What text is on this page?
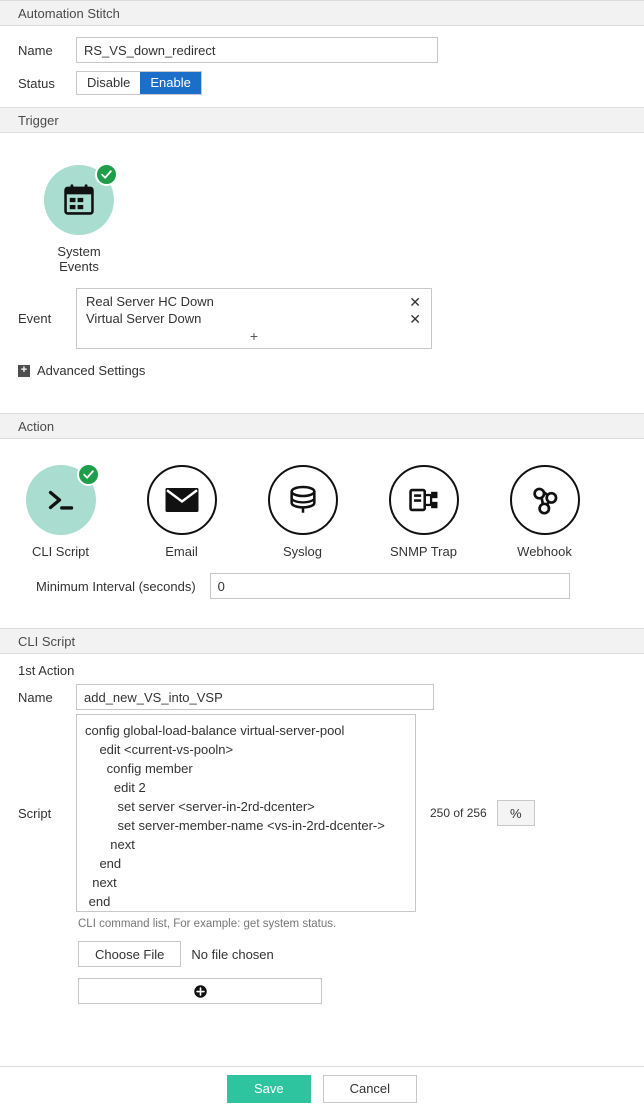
Automation Stitch
Name
RS_VS_down_redirect
Status	Disable	Enable
Trigger
System Events
Event
Real Server HC Down	✕
Virtual Server Down	✕
+
+ Advanced Settings
Action
CLI Script	Email	Syslog	SNMP Trap	Webhook
Minimum Interval (seconds)
0
CLI Script
1st Action
Name
add_new_VS_into_VSP
Script
config global-load-balance virtual-server-pool edit <current-vs-pooln> config member edit 2 set server <server-in-2rd-dcenter> set server-member-name <vs-in-2rd-dcenter-> next end next end	250 of 256	%
CLI command list, For example: get system status.
Choose File	No file chosen
Save	Cancel
